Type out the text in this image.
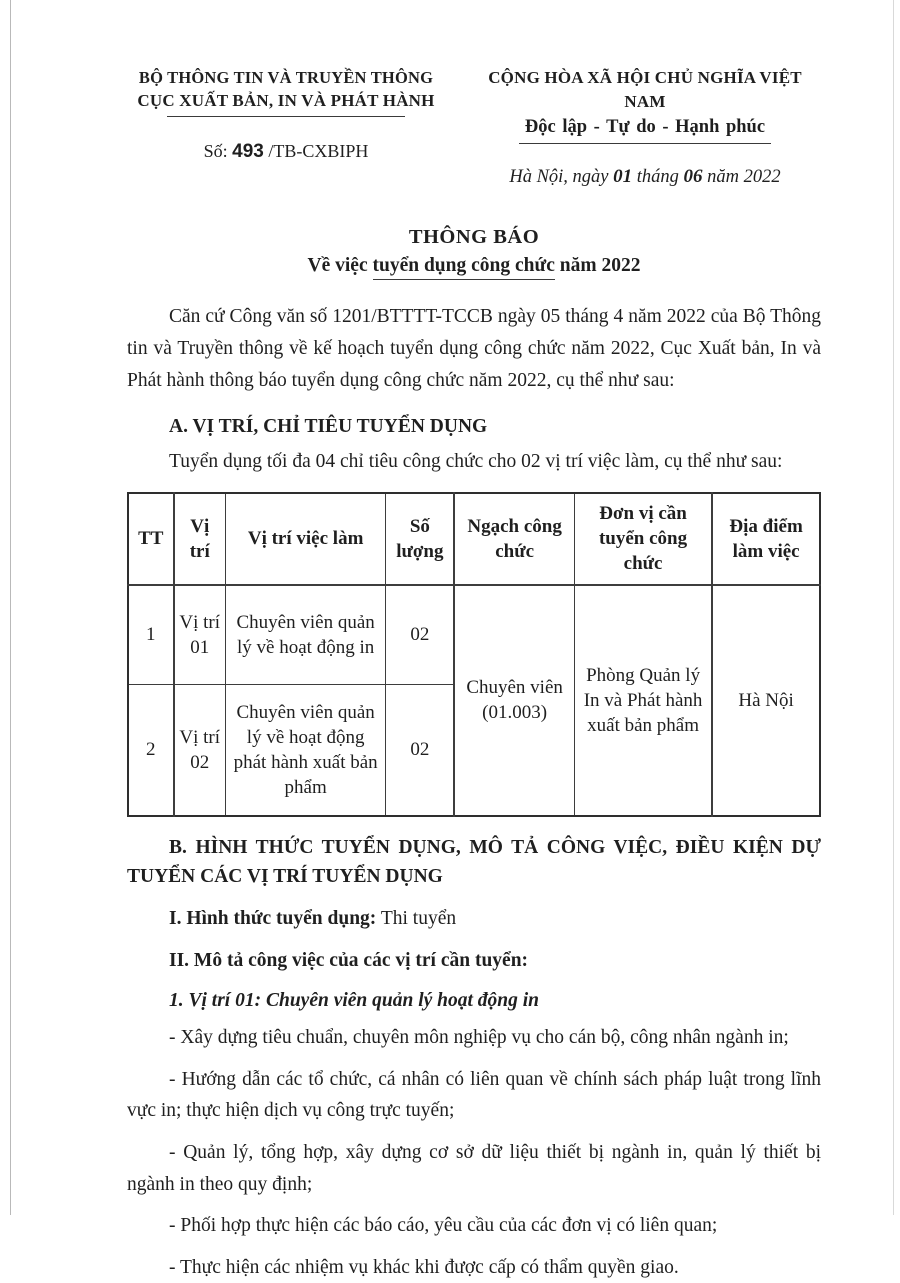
BỘ THÔNG TIN VÀ TRUYỀN THÔNG
CỤC XUẤT BẢN, IN VÀ PHÁT HÀNH
Số: 493 /TB-CXBIPH
CỘNG HÒA XÃ HỘI CHỦ NGHĨA VIỆT NAM
Độc lập - Tự do - Hạnh phúc
Hà Nội, ngày 01 tháng 06 năm 2022
THÔNG BÁO
Về việc tuyển dụng công chức năm 2022

Căn cứ Công văn số 1201/BTTTT-TCCB ngày 05 tháng 4 năm 2022 của Bộ Thông tin và Truyền thông về kế hoạch tuyển dụng công chức năm 2022, Cục Xuất bản, In và Phát hành thông báo tuyển dụng công chức năm 2022, cụ thể như sau:

A. VỊ TRÍ, CHỈ TIÊU TUYỂN DỤNG

Tuyển dụng tối đa 04 chỉ tiêu công chức cho 02 vị trí việc làm, cụ thể như sau:

TT	Vị trí	Vị trí việc làm	Số lượng	Ngạch công chức	Đơn vị cần tuyển công chức	Địa điểm làm việc
1	Vị trí 01	Chuyên viên quản lý về hoạt động in	02	Chuyên viên (01.003)	Phòng Quản lý In và Phát hành xuất bản phẩm	Hà Nội
2	Vị trí 02	Chuyên viên quản lý về hoạt động phát hành xuất bản phẩm	02			
B. HÌNH THỨC TUYỂN DỤNG, MÔ TẢ CÔNG VIỆC, ĐIỀU KIỆN DỰ TUYỂN CÁC VỊ TRÍ TUYỂN DỤNG

I. Hình thức tuyển dụng: Thi tuyển

II. Mô tả công việc của các vị trí cần tuyển:

1. Vị trí 01: Chuyên viên quản lý hoạt động in

- Xây dựng tiêu chuẩn, chuyên môn nghiệp vụ cho cán bộ, công nhân ngành in;

- Hướng dẫn các tổ chức, cá nhân có liên quan về chính sách pháp luật trong lĩnh vực in; thực hiện dịch vụ công trực tuyến;

- Quản lý, tổng hợp, xây dựng cơ sở dữ liệu thiết bị ngành in, quản lý thiết bị ngành in theo quy định;

- Phối hợp thực hiện các báo cáo, yêu cầu của các đơn vị có liên quan;

- Thực hiện các nhiệm vụ khác khi được cấp có thẩm quyền giao.
